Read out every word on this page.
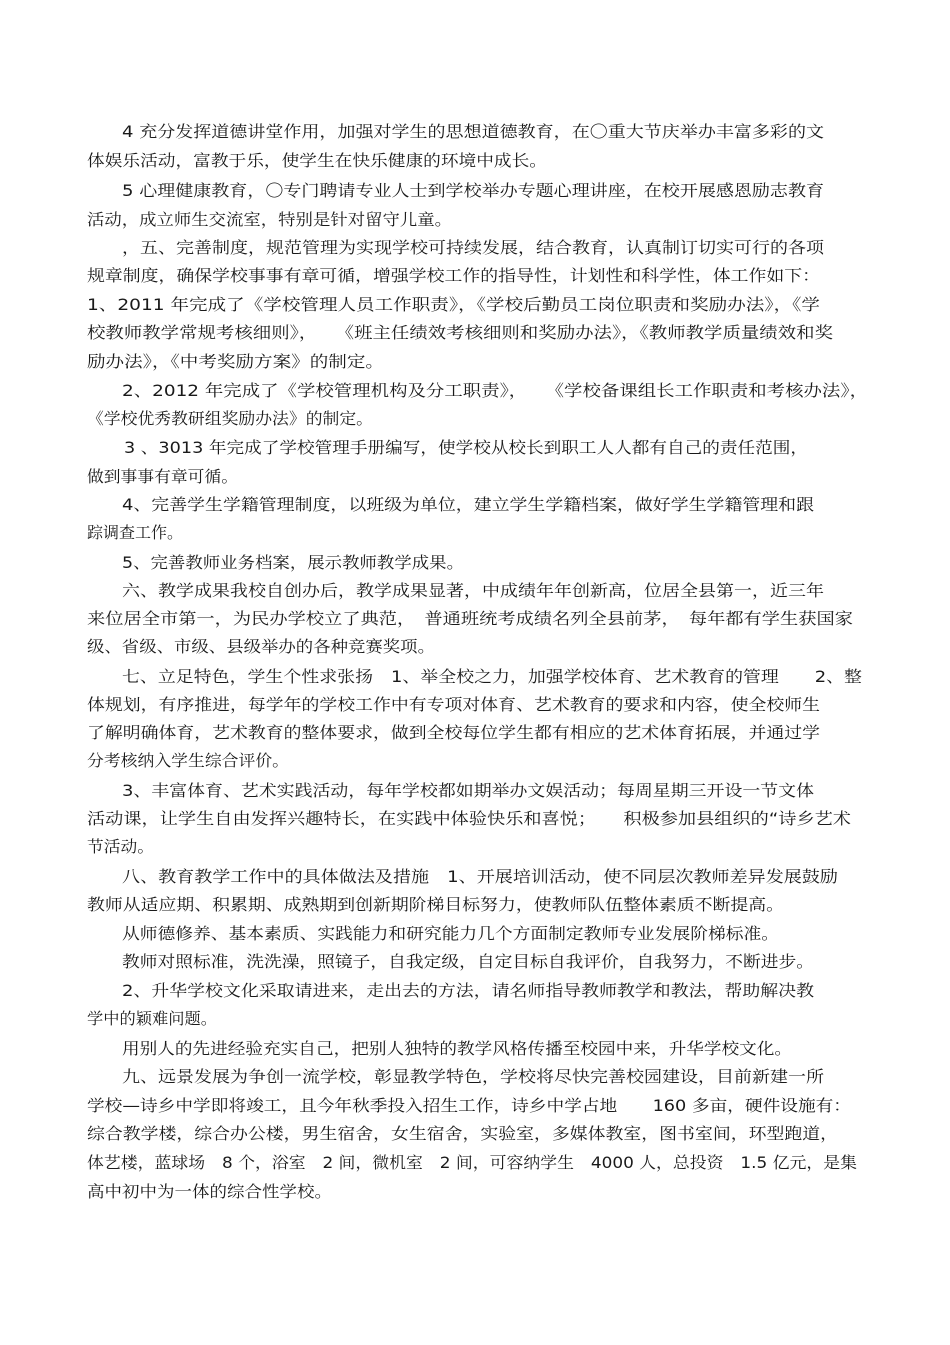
4 充分发挥道德讲堂作用，加强对学生的思想道德教育，在〇重大节庆举办丰富多彩的文
体娱乐活动，富教于乐，使学生在快乐健康的环境中成长。
5 心理健康教育，〇专门聘请专业人士到学校举办专题心理讲座，在校开展感恩励志教育
活动，成立师生交流室，特别是针对留守儿童。
，五、完善制度，规范管理为实现学校可持续发展，结合教育，认真制订切实可行的各项
规章制度，确保学校事事有章可循，增强学校工作的指导性，计划性和科学性，体工作如下：
1、2011 年完成了《学校管理人员工作职责》，《学校后勤员工岗位职责和奖励办法》，《学
校教师教学常规考核细则》，　　《班主任绩效考核细则和奖励办法》，《教师教学质量绩效和奖
励办法》，《中考奖励方案》的制定。
2、2012 年完成了《学校管理机构及分工职责》，　　《学校备课组长工作职责和考核办法》，
《学校优秀教研组奖励办法》的制定。
3 、3013 年完成了学校管理手册编写，使学校从校长到职工人人都有自己的责任范围，
做到事事有章可循。
4、完善学生学籍管理制度，以班级为单位，建立学生学籍档案，做好学生学籍管理和跟
踪调查工作。
5、完善教师业务档案，展示教师教学成果。
六、教学成果我校自创办后，教学成果显著，中成绩年年创新高，位居全县第一，近三年
来位居全市第一，为民办学校立了典范，　普通班统考成绩名列全县前茅，　每年都有学生获国家
级、省级、市级、县级举办的各种竞赛奖项。
七、立足特色，学生个性求张扬　1、举全校之力，加强学校体育、艺术教育的管理　　2、整
体规划，有序推进，每学年的学校工作中有专项对体育、艺术教育的要求和内容，使全校师生
了解明确体育，艺术教育的整体要求，做到全校每位学生都有相应的艺术体育拓展，并通过学
分考核纳入学生综合评价。
3、丰富体育、艺术实践活动，每年学校都如期举办文娱活动；每周星期三开设一节文体
活动课，让学生自由发挥兴趣特长，在实践中体验快乐和喜悦；　　积极参加县组织的“诗乡艺术
节活动。
八、教育教学工作中的具体做法及措施　1、开展培训活动，使不同层次教师差异发展鼓励
教师从适应期、积累期、成熟期到创新期阶梯目标努力，使教师队伍整体素质不断提高。
从师德修养、基本素质、实践能力和研究能力几个方面制定教师专业发展阶梯标准。
教师对照标准，洗洗澡，照镜子，自我定级，自定目标自我评价，自我努力，不断进步。
2、升华学校文化采取请进来，走出去的方法，请名师指导教师教学和教法，帮助解决教
学中的颖难问题。
用别人的先进经验充实自己，把别人独特的教学风格传播至校园中来，升华学校文化。
九、远景发展为争创一流学校，彰显教学特色，学校将尽快完善校园建设，目前新建一所
学校—诗乡中学即将竣工，且今年秋季投入招生工作，诗乡中学占地　　160 多亩，硬件设施有：
综合教学楼，综合办公楼，男生宿舍，女生宿舍，实验室，多媒体教室，图书室间，环型跑道，
体艺楼，蓝球场　8 个，浴室　2 间，微机室　2 间，可容纳学生　4000 人，总投资　1.5 亿元，是集
高中初中为一体的综合性学校。
